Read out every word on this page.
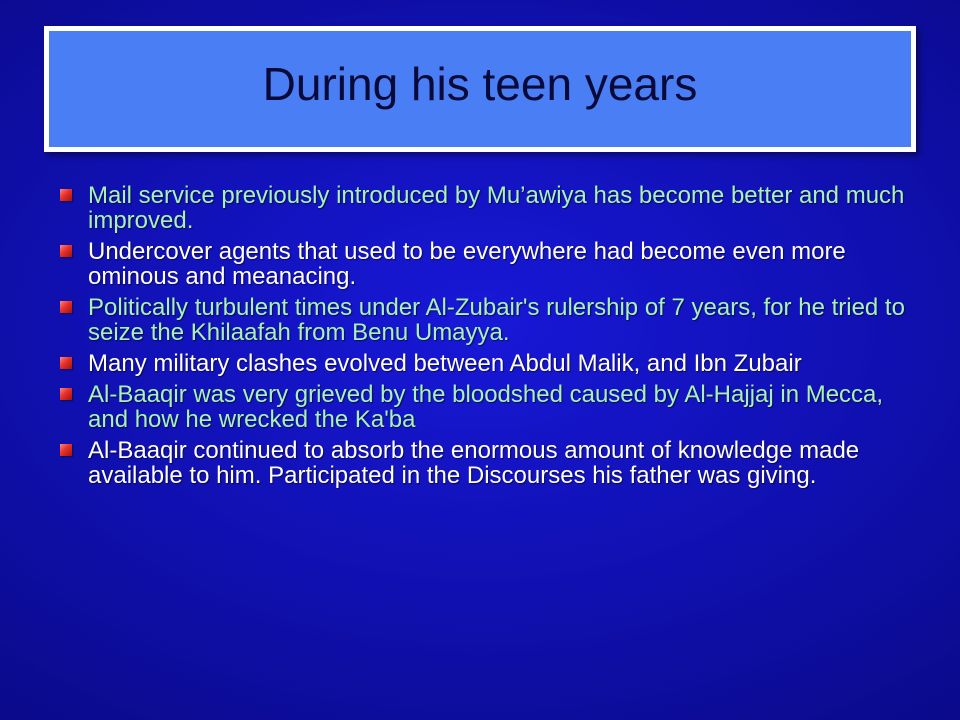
During his teen years
Mail service previously introduced by Mu’awiya has become better and much improved.
Undercover agents that used to be everywhere had become even more ominous and meanacing.
Politically turbulent times under Al-Zubair's rulership of 7 years, for he tried to seize the Khilaafah from Benu Umayya.
Many military clashes evolved between Abdul Malik, and Ibn Zubair
Al-Baaqir was very grieved by the bloodshed caused by Al-Hajjaj in Mecca, and how he wrecked the Ka'ba
Al-Baaqir continued to absorb the enormous amount of knowledge made available to him. Participated in the Discourses his father was giving.
